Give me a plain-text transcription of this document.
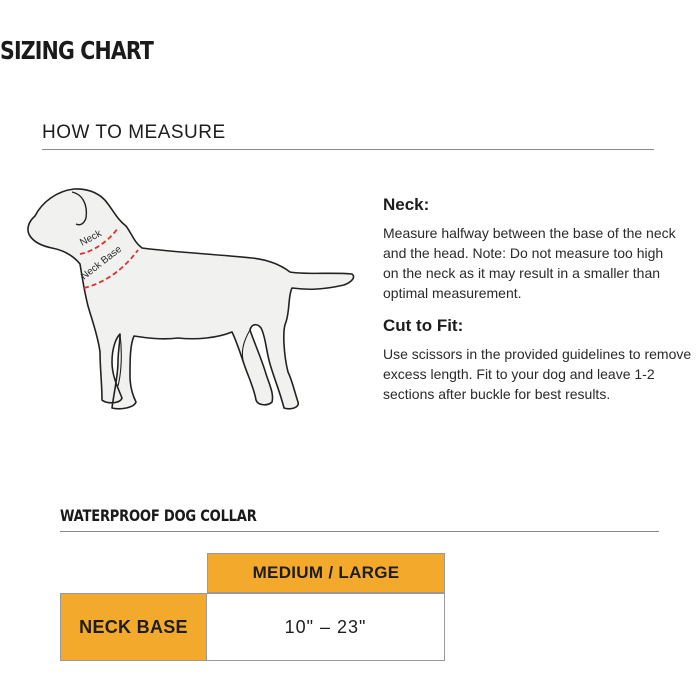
SIZING CHART
HOW TO MEASURE
Neck
Neck Base
Neck:

Measure halfway between the base of the neck
and the head. Note: Do not measure too high
on the neck as it may result in a smaller than
optimal measurement.

Cut to Fit:

Use scissors in the provided guidelines to remove
excess length. Fit to your dog and leave 1-2
sections after buckle for best results.

WATERPROOF DOG COLLAR
MEDIUM / LARGE
NECK BASE	10" – 23"
